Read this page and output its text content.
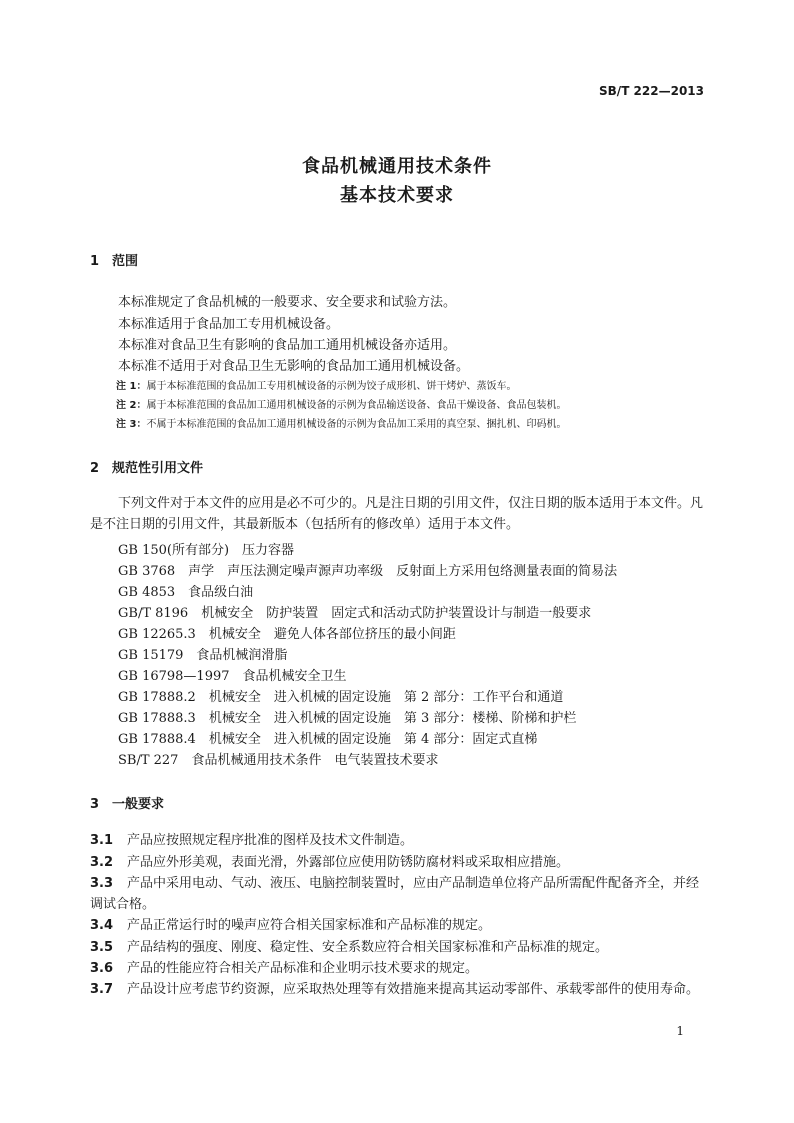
SB/T 222—2013
食品机械通用技术条件
基本技术要求
1 范围
本标准规定了食品机械的一般要求、安全要求和试验方法。
本标准适用于食品加工专用机械设备。
本标准对食品卫生有影响的食品加工通用机械设备亦适用。
本标准不适用于对食品卫生无影响的食品加工通用机械设备。
注 1：属于本标准范围的食品加工专用机械设备的示例为饺子成形机、饼干烤炉、蒸饭车。
注 2：属于本标准范围的食品加工通用机械设备的示例为食品输送设备、食品干燥设备、食品包装机。
注 3：不属于本标准范围的食品加工通用机械设备的示例为食品加工采用的真空泵、捆扎机、印码机。
2 规范性引用文件
下列文件对于本文件的应用是必不可少的。凡是注日期的引用文件，仅注日期的版本适用于本文件。凡是不注日期的引用文件，其最新版本（包括所有的修改单）适用于本文件。
GB 150(所有部分)　压力容器
GB 3768　声学　声压法测定噪声源声功率级　反射面上方采用包络测量表面的简易法
GB 4853　食品级白油
GB/T 8196　机械安全　防护装置　固定式和活动式防护装置设计与制造一般要求
GB 12265.3　机械安全　避免人体各部位挤压的最小间距
GB 15179　食品机械润滑脂
GB 16798—1997　食品机械安全卫生
GB 17888.2　机械安全　进入机械的固定设施　第 2 部分：工作平台和通道
GB 17888.3　机械安全　进入机械的固定设施　第 3 部分：楼梯、阶梯和护栏
GB 17888.4　机械安全　进入机械的固定设施　第 4 部分：固定式直梯
SB/T 227　食品机械通用技术条件　电气装置技术要求
3 一般要求
3.1 产品应按照规定程序批准的图样及技术文件制造。
3.2 产品应外形美观，表面光滑，外露部位应使用防锈防腐材料或采取相应措施。
3.3 产品中采用电动、气动、液压、电脑控制装置时，应由产品制造单位将产品所需配件配备齐全，并经调试合格。
3.4 产品正常运行时的噪声应符合相关国家标准和产品标准的规定。
3.5 产品结构的强度、刚度、稳定性、安全系数应符合相关国家标准和产品标准的规定。
3.6 产品的性能应符合相关产品标准和企业明示技术要求的规定。
3.7 产品设计应考虑节约资源，应采取热处理等有效措施来提高其运动零部件、承载零部件的使用寿命。
1
